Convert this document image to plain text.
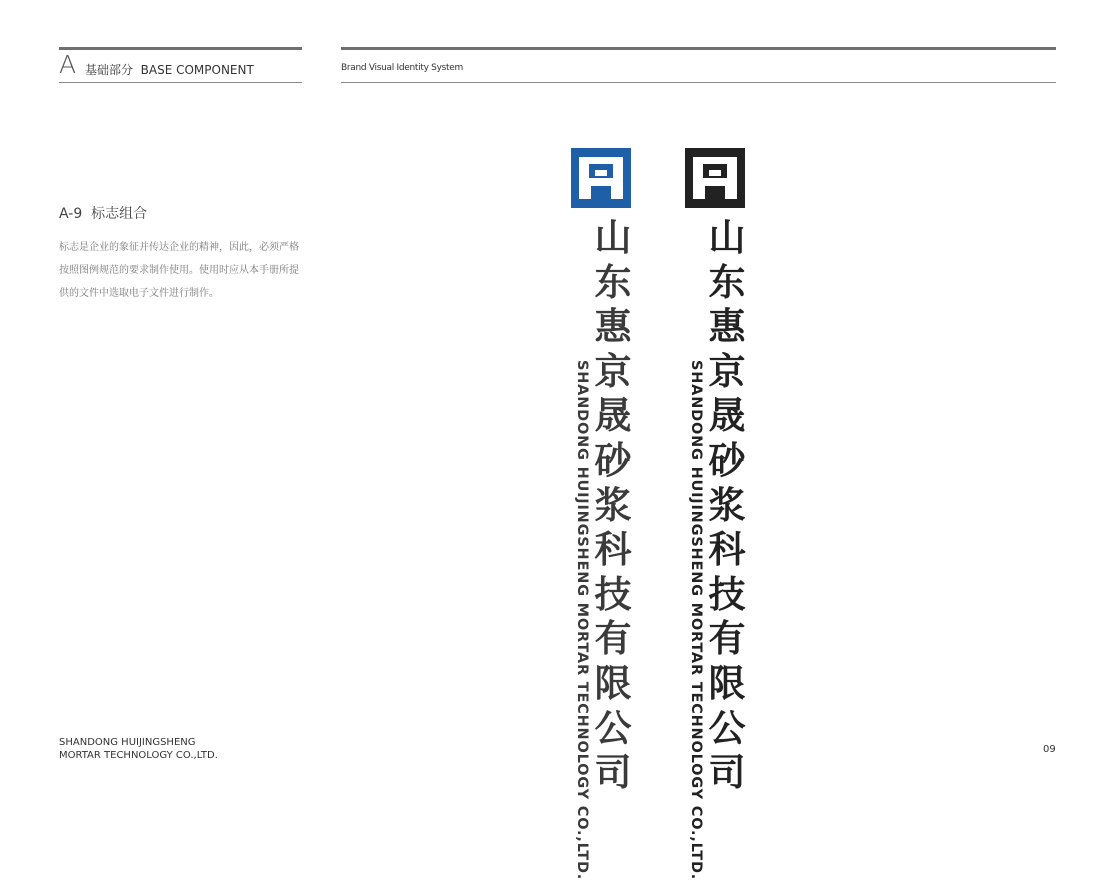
A 基础部分  BASE COMPONENT	Brand Visual Identity System
A-9  标志组合
标志是企业的象征并传达企业的精神，因此，必须严格按照图例规范的要求制作使用。使用时应从本手册所提供的文件中选取电子文件进行制作。
SHANDONG HUIJINGSHENG MORTAR TECHNOLOGY CO.,LTD.
山
东
惠
京
晟
砂
浆
科
技
有
限
公
司	SHANDONG HUIJINGSHENG MORTAR TECHNOLOGY CO.,LTD.
山
东
惠
京
晟
砂
浆
科
技
有
限
公
司
SHANDONG HUIJINGSHENG
MORTAR TECHNOLOGY CO.,LTD.
09
